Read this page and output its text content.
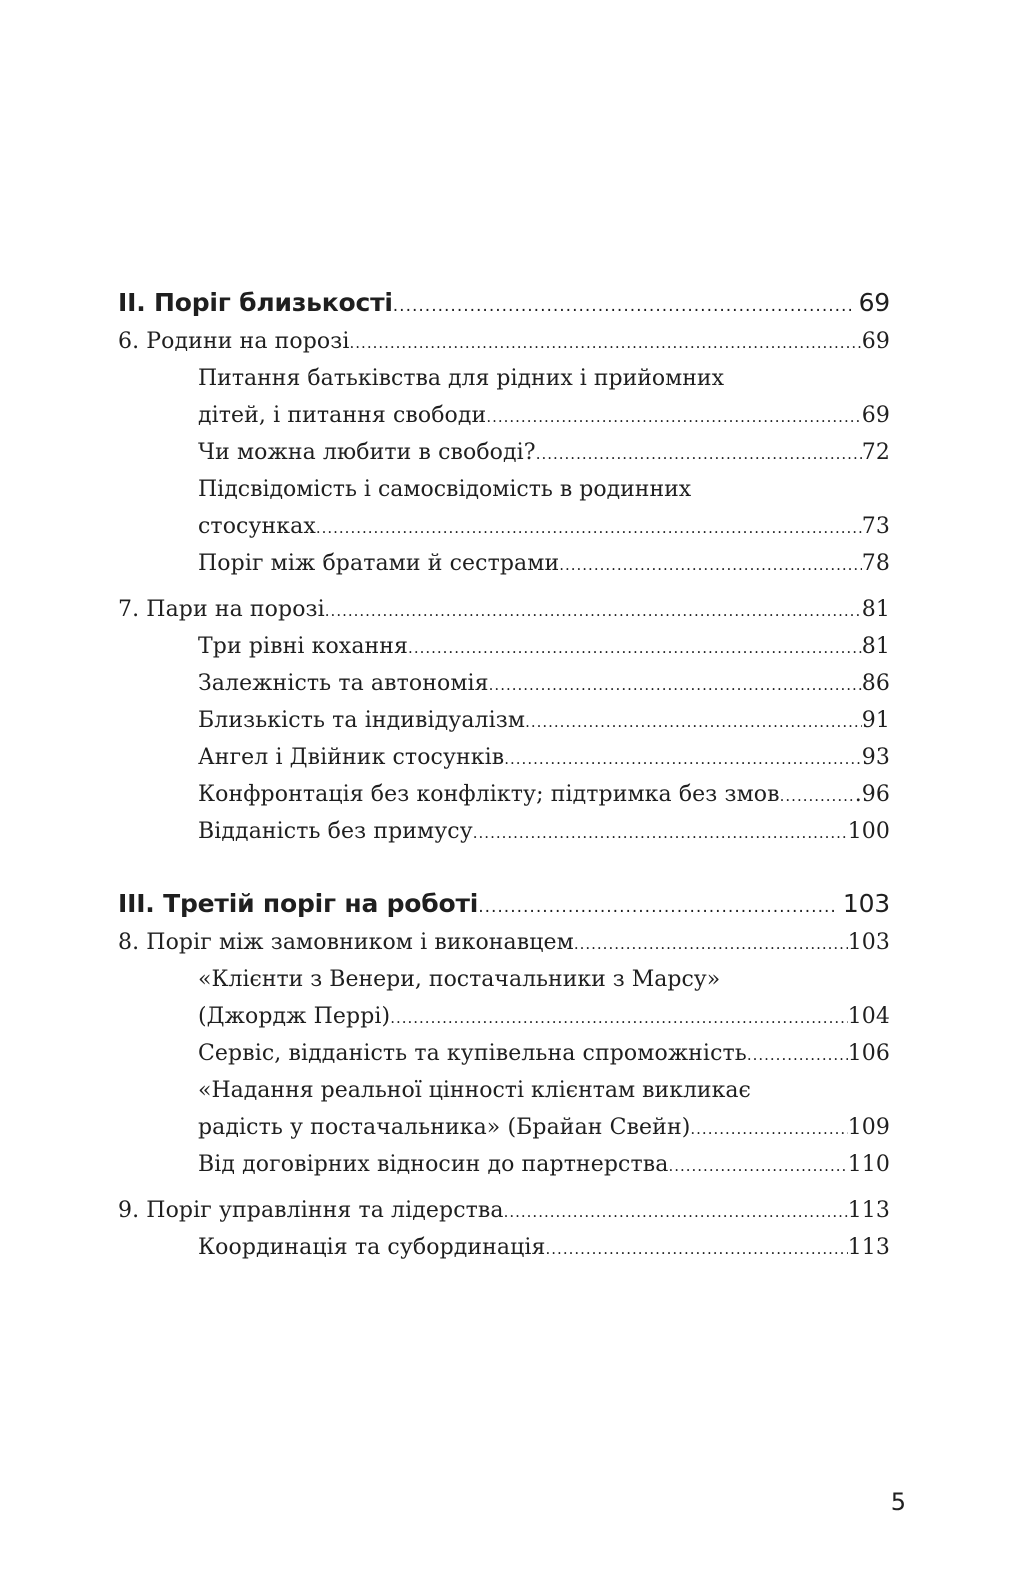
II. Поріг близькості .....	69
6. Родини на порозі .....	69
Питання батьківства для рідних і прийомних
дітей, і питання свободи .....	69
Чи можна любити в свободі? .....	72
Підсвідомість і самосвідомість в родинних
стосунках .....	73
Поріг між братами й сестрами .....	78
7. Пари на порозі .....	81
Три рівні кохання .....	81
Залежність та автономія .....	86
Близькість та індивідуалізм .....	91
Ангел і Двійник стосунків .....	93
Конфронтація без конфлікту; підтримка без змов .....	.96
Відданість без примусу .....	100
III. Третій поріг на роботі .....	103
8. Поріг між замовником і виконавцем .....	103
«Клієнти з Венери, постачальники з Марсу»
(Джордж Перрі) .....	104
Сервіс, відданість та купівельна спроможність .....	106
«Надання реальної цінності клієнтам викликає
радість у постачальника» (Брайан Свейн) .....	109
Від договірних відносин до партнерства .....	110
9. Поріг управління та лідерства .....	113
Координація та субординація .....	113
5
